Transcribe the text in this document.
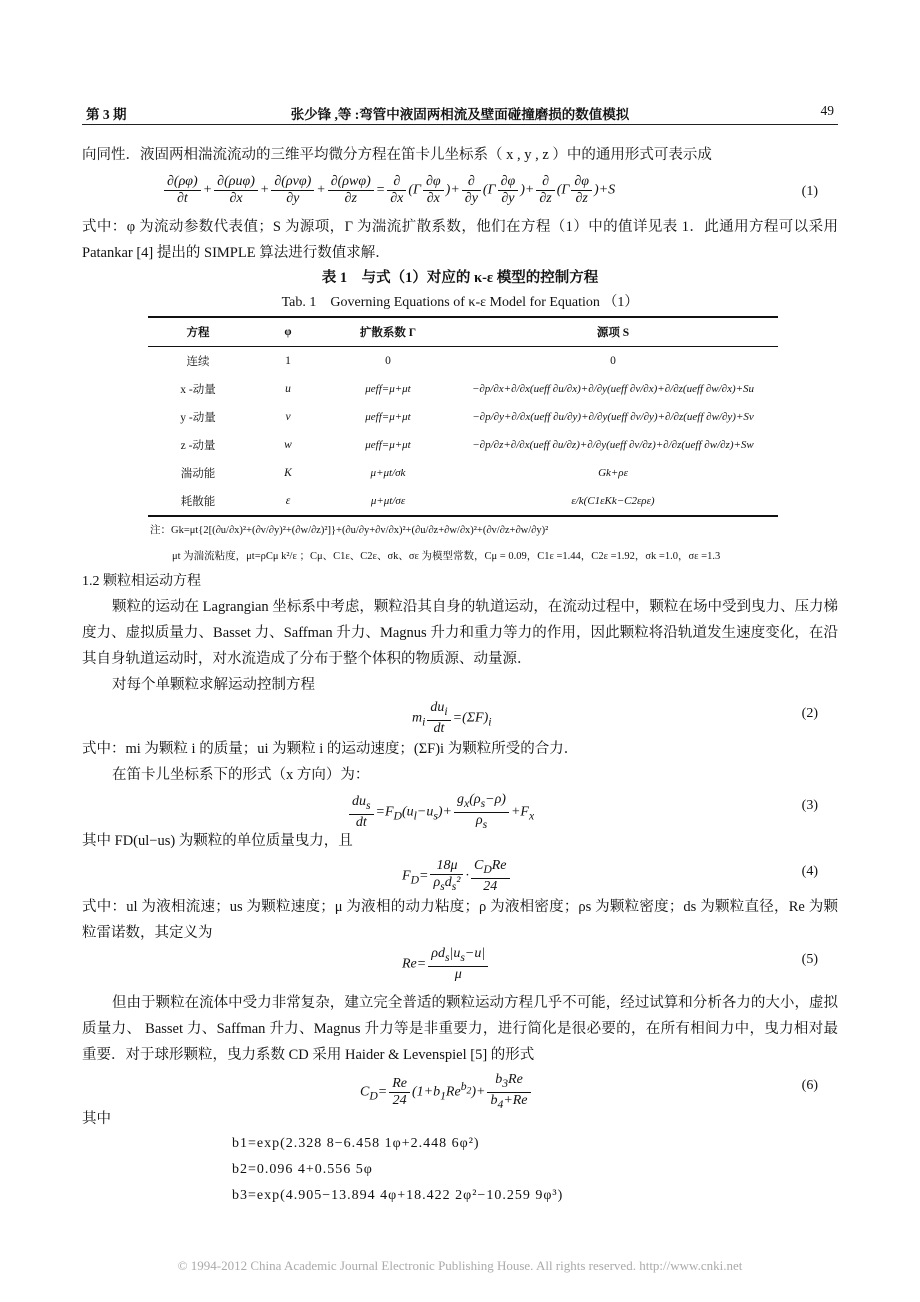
第 3 期	张少锋 ,等 :弯管中液固两相流及壁面碰撞磨损的数值模拟	49
向同性．液固两相湍流流动的三维平均微分方程在笛卡儿坐标系（ x , y , z ）中的通用形式可表示成
$\frac{\partial(\rho\varphi)}{\partial t} + \frac{\text{∂(ρuφ)}}{\partial x} + \frac{\text{∂(ρvφ)}}{\partial y} + \frac{\text{∂(ρwφ)}}{\partial z} = \frac{\partial}{\partial x} (\Gamma \frac{\partial\varphi}{\partial x}$ )+ $\frac{\partial}{\partial y} (\Gamma \frac{\partial\varphi}{\partial y}$ )+ $\frac{\partial}{\partial z} (\Gamma \frac{\partial\varphi}{\partial z} )+S$	(1)
式中：φ 为流动参数代表值；S 为源项，Γ 为湍流扩散系数，他们在方程（1）中的值详见表 1．此通用方程可以采用 Patankar [4] 提出的 SIMPLE 算法进行数值求解．
表 1　与式（1）对应的 κ-ε 模型的控制方程
Tab. 1　Governing Equations of κ-ε Model for Equation （1）
方程	φ	扩散系数 Γ	源项 S
连续	1	0	0
x -动量	u	μeff=μ+μt	−∂p/∂x+∂/∂x(ueff ∂u/∂x)+∂/∂y(ueff ∂v/∂x)+∂/∂z(ueff ∂w/∂x)+Su
y -动量	v	μeff=μ+μt	−∂p/∂y+∂/∂x(ueff ∂u/∂y)+∂/∂y(ueff ∂v/∂y)+∂/∂z(ueff ∂w/∂y)+Sv
z -动量	w	μeff=μ+μt	−∂p/∂z+∂/∂x(ueff ∂u/∂z)+∂/∂y(ueff ∂v/∂z)+∂/∂z(ueff ∂w/∂z)+Sw
湍动能	K	μ+μt/σk	Gk+ρε
耗散能	ε	μ+μt/σε	ε/k(C1εKk−C2ερε)
注：Gk=μt{2[(∂u/∂x)²+(∂v/∂y)²+(∂w/∂z)²]}+(∂u/∂y+∂v/∂x)²+(∂u/∂z+∂w/∂x)²+(∂v/∂z+∂w/∂y)²
μt 为湍流粘度，μt=ρCμ k²/ε ；Cμ、C1ε、C2ε、σk、σε 为模型常数，Cμ = 0.09，C1ε =1.44，C2ε =1.92，σk =1.0，σε =1.3
1.2 颗粒相运动方程
颗粒的运动在 Lagrangian 坐标系中考虑，颗粒沿其自身的轨道运动，在流动过程中，颗粒在场中受到曳力、压力梯度力、虚拟质量力、Basset 力、Saffman 升力、Magnus 升力和重力等力的作用，因此颗粒将沿轨道发生速度变化，在沿其自身轨道运动时，对水流造成了分布于整个体积的物质源、动量源．
对每个单颗粒求解运动控制方程
$m_i \frac{du_i}{dt} =(\Sigma F)_i$
(2)
式中：mi 为颗粒 i 的质量；ui 为颗粒 i 的运动速度；(ΣF)i 为颗粒所受的合力．
在笛卡儿坐标系下的形式（x 方向）为：
$\frac{du_s}{dt} =F_D(u_l-u_s)+ \frac{g_x(\rho_s-\rho)}{\rho_s} +F_x$
(3)
其中 FD(ul−us) 为颗粒的单位质量曳力，且
$F_D= \frac{18\mu}{\rho_sd_s^2} \cdot \frac{C_DRe}{24}$	(4)
式中：ul 为液相流速；us 为颗粒速度；μ 为液相的动力粘度；ρ 为液相密度；ρs 为颗粒密度；ds 为颗粒直径，Re 为颗粒雷诺数，其定义为
$Re= \frac{\rho d_s|u_s-u|}{\mu}$	(5)
但由于颗粒在流体中受力非常复杂，建立完全普适的颗粒运动方程几乎不可能，经过试算和分析各力的大小，虚拟质量力、 Basset 力、Saffman 升力、Magnus 升力等是非重要力，进行简化是很必要的，在所有相间力中，曳力相对最重要．对于球形颗粒，曳力系数 CD 采用 Haider & Levenspiel [5] 的形式
$C_D= \frac{Re}{24} (1+b_1Re^{b_2})+ \frac{b_3Re}{b_4+Re}$	(6)
其中
b1=exp(2.328 8−6.458 1φ+2.448 6φ²)
b2=0.096 4+0.556 5φ
b3=exp(4.905−13.894 4φ+18.422 2φ²−10.259 9φ³)
© 1994-2012 China Academic Journal Electronic Publishing House. All rights reserved. http://www.cnki.net
